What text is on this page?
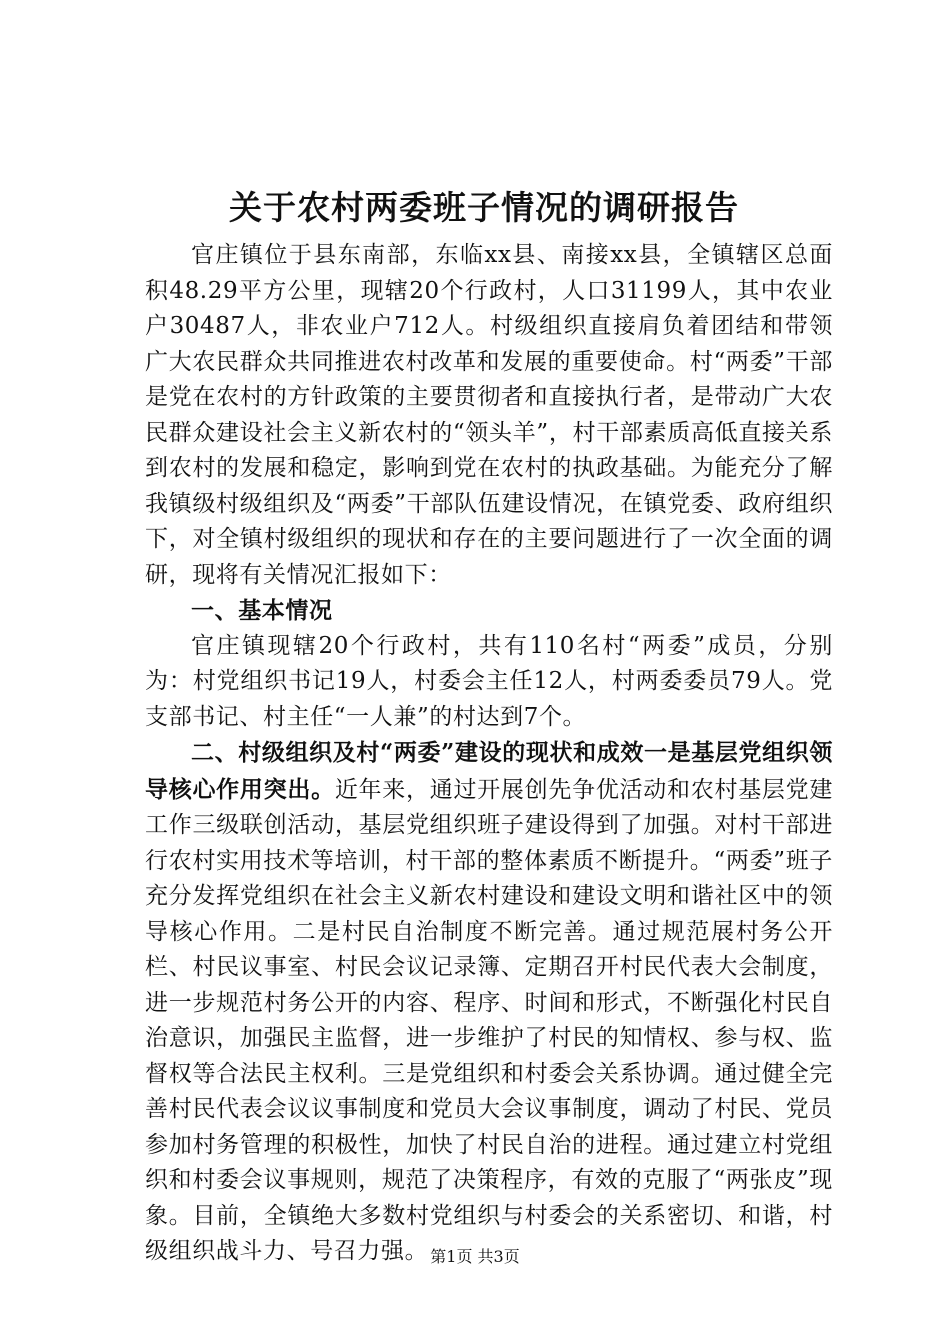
关于农村两委班子情况的调研报告

官庄镇位于县东南部，东临xx县、南接xx县，全镇辖区总面积48.29平方公里，现辖20个行政村，人口31199人，其中农业户30487人，非农业户712人。村级组织直接肩负着团结和带领广大农民群众共同推进农村改革和发展的重要使命。村“两委”干部是党在农村的方针政策的主要贯彻者和直接执行者，是带动广大农民群众建设社会主义新农村的“领头羊”，村干部素质高低直接关系到农村的发展和稳定，影响到党在农村的执政基础。为能充分了解我镇级村级组织及“两委”干部队伍建设情况，在镇党委、政府组织下，对全镇村级组织的现状和存在的主要问题进行了一次全面的调研，现将有关情况汇报如下：

一、基本情况

官庄镇现辖20个行政村，共有110名村“两委”成员，分别为：村党组织书记19人，村委会主任12人，村两委委员79人。党支部书记、村主任“一人兼”的村达到7个。

二、村级组织及村“两委”建设的现状和成效一是基层党组织领导核心作用突出。近年来，通过开展创先争优活动和农村基层党建工作三级联创活动，基层党组织班子建设得到了加强。对村干部进行农村实用技术等培训，村干部的整体素质不断提升。“两委”班子充分发挥党组织在社会主义新农村建设和建设文明和谐社区中的领导核心作用。二是村民自治制度不断完善。通过规范展村务公开栏、村民议事室、村民会议记录簿、定期召开村民代表大会制度，进一步规范村务公开的内容、程序、时间和形式，不断强化村民自治意识，加强民主监督，进一步维护了村民的知情权、参与权、监督权等合法民主权利。三是党组织和村委会关系协调。通过健全完善村民代表会议议事制度和党员大会议事制度，调动了村民、党员参加村务管理的积极性，加快了村民自治的进程。通过建立村党组织和村委会议事规则，规范了决策程序，有效的克服了“两张皮”现象。目前，全镇绝大多数村党组织与村委会的关系密切、和谐，村级组织战斗力、号召力强。 第1页 共3页
